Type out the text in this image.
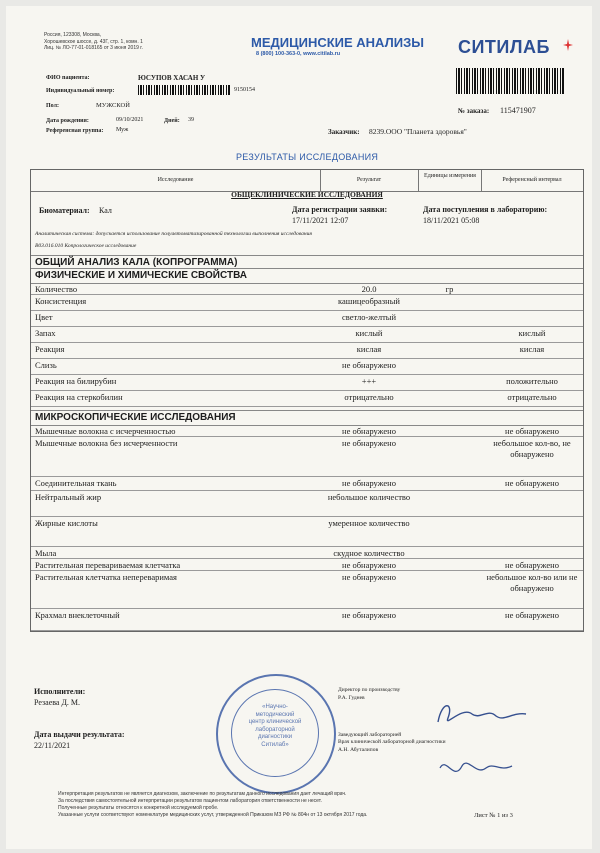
Россия, 123308, Москва,
Хорошевское шоссе, д. 43Г, стр. 1, комн. 1
Лиц. № ЛО-77-01-018165 от 3 июня 2019 г.	МЕДИЦИНСКИЕ АНАЛИЗЫ
8 (800) 100-363-0, www.citilab.ru	СИТИЛАБ
ФИО пациента:	ЮСУПОВ ХАСАН У
Индивидуальный номер:	9150154
Пол:	МУЖСКОЙ
Дата рождения:	09/10/2021	Дней: 39
Референсная группа: Муж
№ заказа: 115471907
Заказчик: 8239.ООО "Планета здоровья"
РЕЗУЛЬТАТЫ ИССЛЕДОВАНИЯ
Исследование	Результат
Единицы измерения
Референсный интервал
ОБЩЕКЛИНИЧЕСКИЕ ИССЛЕДОВАНИЯ
Биоматериал: Кал	Дата регистрации заявки:
17/11/2021 12:07
Дата поступления в лабораторию:
18/11/2021 05:08
Аналитическая система: допускается использование полуавтоматизированной технологии выполнения исследования
В03.016.010 Копрологическое исследование
ОБЩИЙ АНАЛИЗ КАЛА (КОПРОГРАММА)
ФИЗИЧЕСКИЕ И ХИМИЧЕСКИЕ СВОЙСТВА
Количество	20.0	гр
Консистенция	кашицеобразный
Цвет	светло-желтый
Запах	кислый	кислый
Реакция	кислая	кислая
Слизь	не обнаружено
Реакция на билирубин	+++	положительно
Реакция на стеркобилин	отрицательно	отрицательно
МИКРОСКОПИЧЕСКИЕ ИССЛЕДОВАНИЯ
Мышечные волокна с исчерченностью	не обнаружено	не обнаружено
Мышечные волокна без исчерченности	не обнаружено	небольшое кол-во, не обнаружено
Соединительная ткань	не обнаружено	не обнаружено
Нейтральный жир	небольшое количество
Жирные кислоты	умеренное количество
Мыла	скудное количество
Растительная переваривaемая клетчатка	не обнаружено	не обнаружено
Растительная клетчатка непереваримая	не обнаружено	небольшое кол-во или не обнаружено
Крахмал внеклеточный	не обнаружено	не обнаружено
Исполнители:
Резаева Д. М.
Дата выдачи результата:
22/11/2021
«Научно-
методический
центр клинической
лабораторной
диагностики
Ситилаб»
Директор по производству
Р.А. Гуднев
Заведующий лабораторией
Врач клинической лабораторной диагностики
А.Н. Абуталипов
Интерпретация результатов не является диагнозом, заключение по результатам данного исследования дает лечащий врач.
За последствия самостоятельной интерпретации результатов пациентом лаборатория ответственности не несет.
Полученные результаты относятся к конкретной исследуемой пробе.
Указанные услуги соответствуют номенклатуре медицинских услуг, утвержденной Приказом МЗ РФ № 804н от 13 октября 2017 года.	Лист № 1 из 3
